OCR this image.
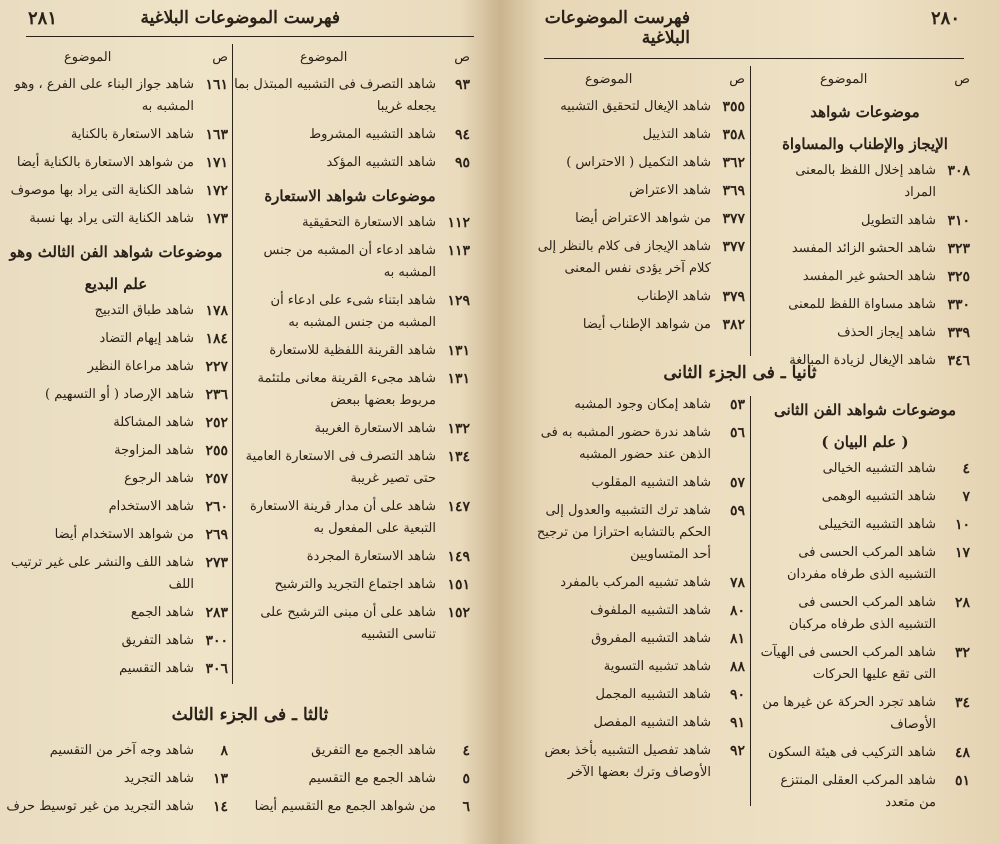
فهرست الموضوعات البلاغية
٢٨١
ص
الموضوع
٩٣
شاهد التصرف فى التشبيه المبتذل بما يجعله غريبا
٩٤
شاهد التشبيه المشروط
٩٥
شاهد التشبيه المؤكد
موضوعات شواهد الاستعارة
١١٢
شاهد الاستعارة التحقيقية
١١٣
شاهد ادعاء أن المشبه من جنس المشبه به
١٢٩
شاهد ابتناء شىء على ادعاء أن المشبه من جنس المشبه به
١٣١
شاهد القرينة اللفظية للاستعارة
١٣١
شاهد مجىء القرينة معانى ملتئمة مربوط بعضها ببعض
١٣٢
شاهد الاستعارة الغريبة
١٣٤
شاهد التصرف فى الاستعارة العامية حتى تصير غريبة
١٤٧
شاهد على أن مدار قرينة الاستعارة التبعية على المفعول به
١٤٩
شاهد الاستعارة المجردة
١٥١
شاهد اجتماع التجريد والترشيح
١٥٢
شاهد على أن مبنى الترشيح على تناسى التشبيه
ص
الموضوع
١٦١
شاهد جواز البناء على الفرع ، وهو المشبه به
١٦٣
شاهد الاستعارة بالكناية
١٧١
من شواهد الاستعارة بالكناية أيضا
١٧٢
شاهد الكناية التى يراد بها موصوف
١٧٣
شاهد الكناية التى يراد بها نسبة
موضوعات شواهد الفن الثالث وهو
علم البديع
١٧٨
شاهد طباق التدبيج
١٨٤
شاهد إيهام التضاد
٢٢٧
شاهد مراعاة النظير
٢٣٦
شاهد الإرصاد ( أو التسهيم )
٢٥٢
شاهد المشاكلة
٢٥٥
شاهد المزاوجة
٢٥٧
شاهد الرجوع
٢٦٠
شاهد الاستخدام
٢٦٩
من شواهد الاستخدام أيضا
٢٧٣
شاهد اللف والنشر على غير ترتيب اللف
٢٨٣
شاهد الجمع
٣٠٠
شاهد التفريق
٣٠٦
شاهد التقسيم
ثالثا ـ فى الجزء الثالث
٤
شاهد الجمع مع التفريق
٥
شاهد الجمع مع التقسيم
٦
من شواهد الجمع مع التقسيم أيضا
٨
شاهد وجه آخر من التقسيم
١٣
شاهد التجريد
١٤
شاهد التجريد من غير توسيط حرف
فهرست الموضوعات البلاغية
٢٨٠
ص
الموضوع
موضوعات شواهد
الإيجاز والإطناب والمساواة
٣٠٨
شاهد إخلال اللفظ بالمعنى المراد
٣١٠
شاهد التطويل
٣٢٣
شاهد الحشو الزائد المفسد
٣٢٥
شاهد الحشو غير المفسد
٣٣٠
شاهد مساواة اللفظ للمعنى
٣٣٩
شاهد إيجاز الحذف
٣٤٦
شاهد الإيغال لزيادة المبالغة
ص
الموضوع
٣٥٥
شاهد الإيغال لتحقيق التشبيه
٣٥٨
شاهد التذييل
٣٦٢
شاهد التكميل ( الاحتراس )
٣٦٩
شاهد الاعتراض
٣٧٧
من شواهد الاعتراض أيضا
٣٧٧
شاهد الإيجاز فى كلام بالنظر إلى كلام آخر يؤدى نفس المعنى
٣٧٩
شاهد الإطناب
٣٨٢
من شواهد الإطناب أيضا
ثانيا ـ فى الجزء الثانى
موضوعات شواهد الفن الثانى
( علم البيان )
٤
شاهد التشبيه الخيالى
٧
شاهد التشبيه الوهمى
١٠
شاهد التشبيه التخييلى
١٧
شاهد المركب الحسى فى التشبيه الذى طرفاه مفردان
٢٨
شاهد المركب الحسى فى التشبيه الذى طرفاه مركبان
٣٢
شاهد المركب الحسى فى الهيآت التى تقع عليها الحركات
٣٤
شاهد تجرد الحركة عن غيرها من الأوصاف
٤٨
شاهد التركيب فى هيئة السكون
٥١
شاهد المركب العقلى المنتزع من متعدد
٥٣
شاهد إمكان وجود المشبه
٥٦
شاهد ندرة حضور المشبه به فى الذهن عند حضور المشبه
٥٧
شاهد التشبيه المقلوب
٥٩
شاهد ترك التشبيه والعدول إلى الحكم بالتشابه احترازا من ترجيح أحد المتساويين
٧٨
شاهد تشبيه المركب بالمفرد
٨٠
شاهد التشبيه الملفوف
٨١
شاهد التشبيه المفروق
٨٨
شاهد تشبيه التسوية
٩٠
شاهد التشبيه المجمل
٩١
شاهد التشبيه المفصل
٩٢
شاهد تفصيل التشبيه بأخذ بعض الأوصاف وترك بعضها الآخر
